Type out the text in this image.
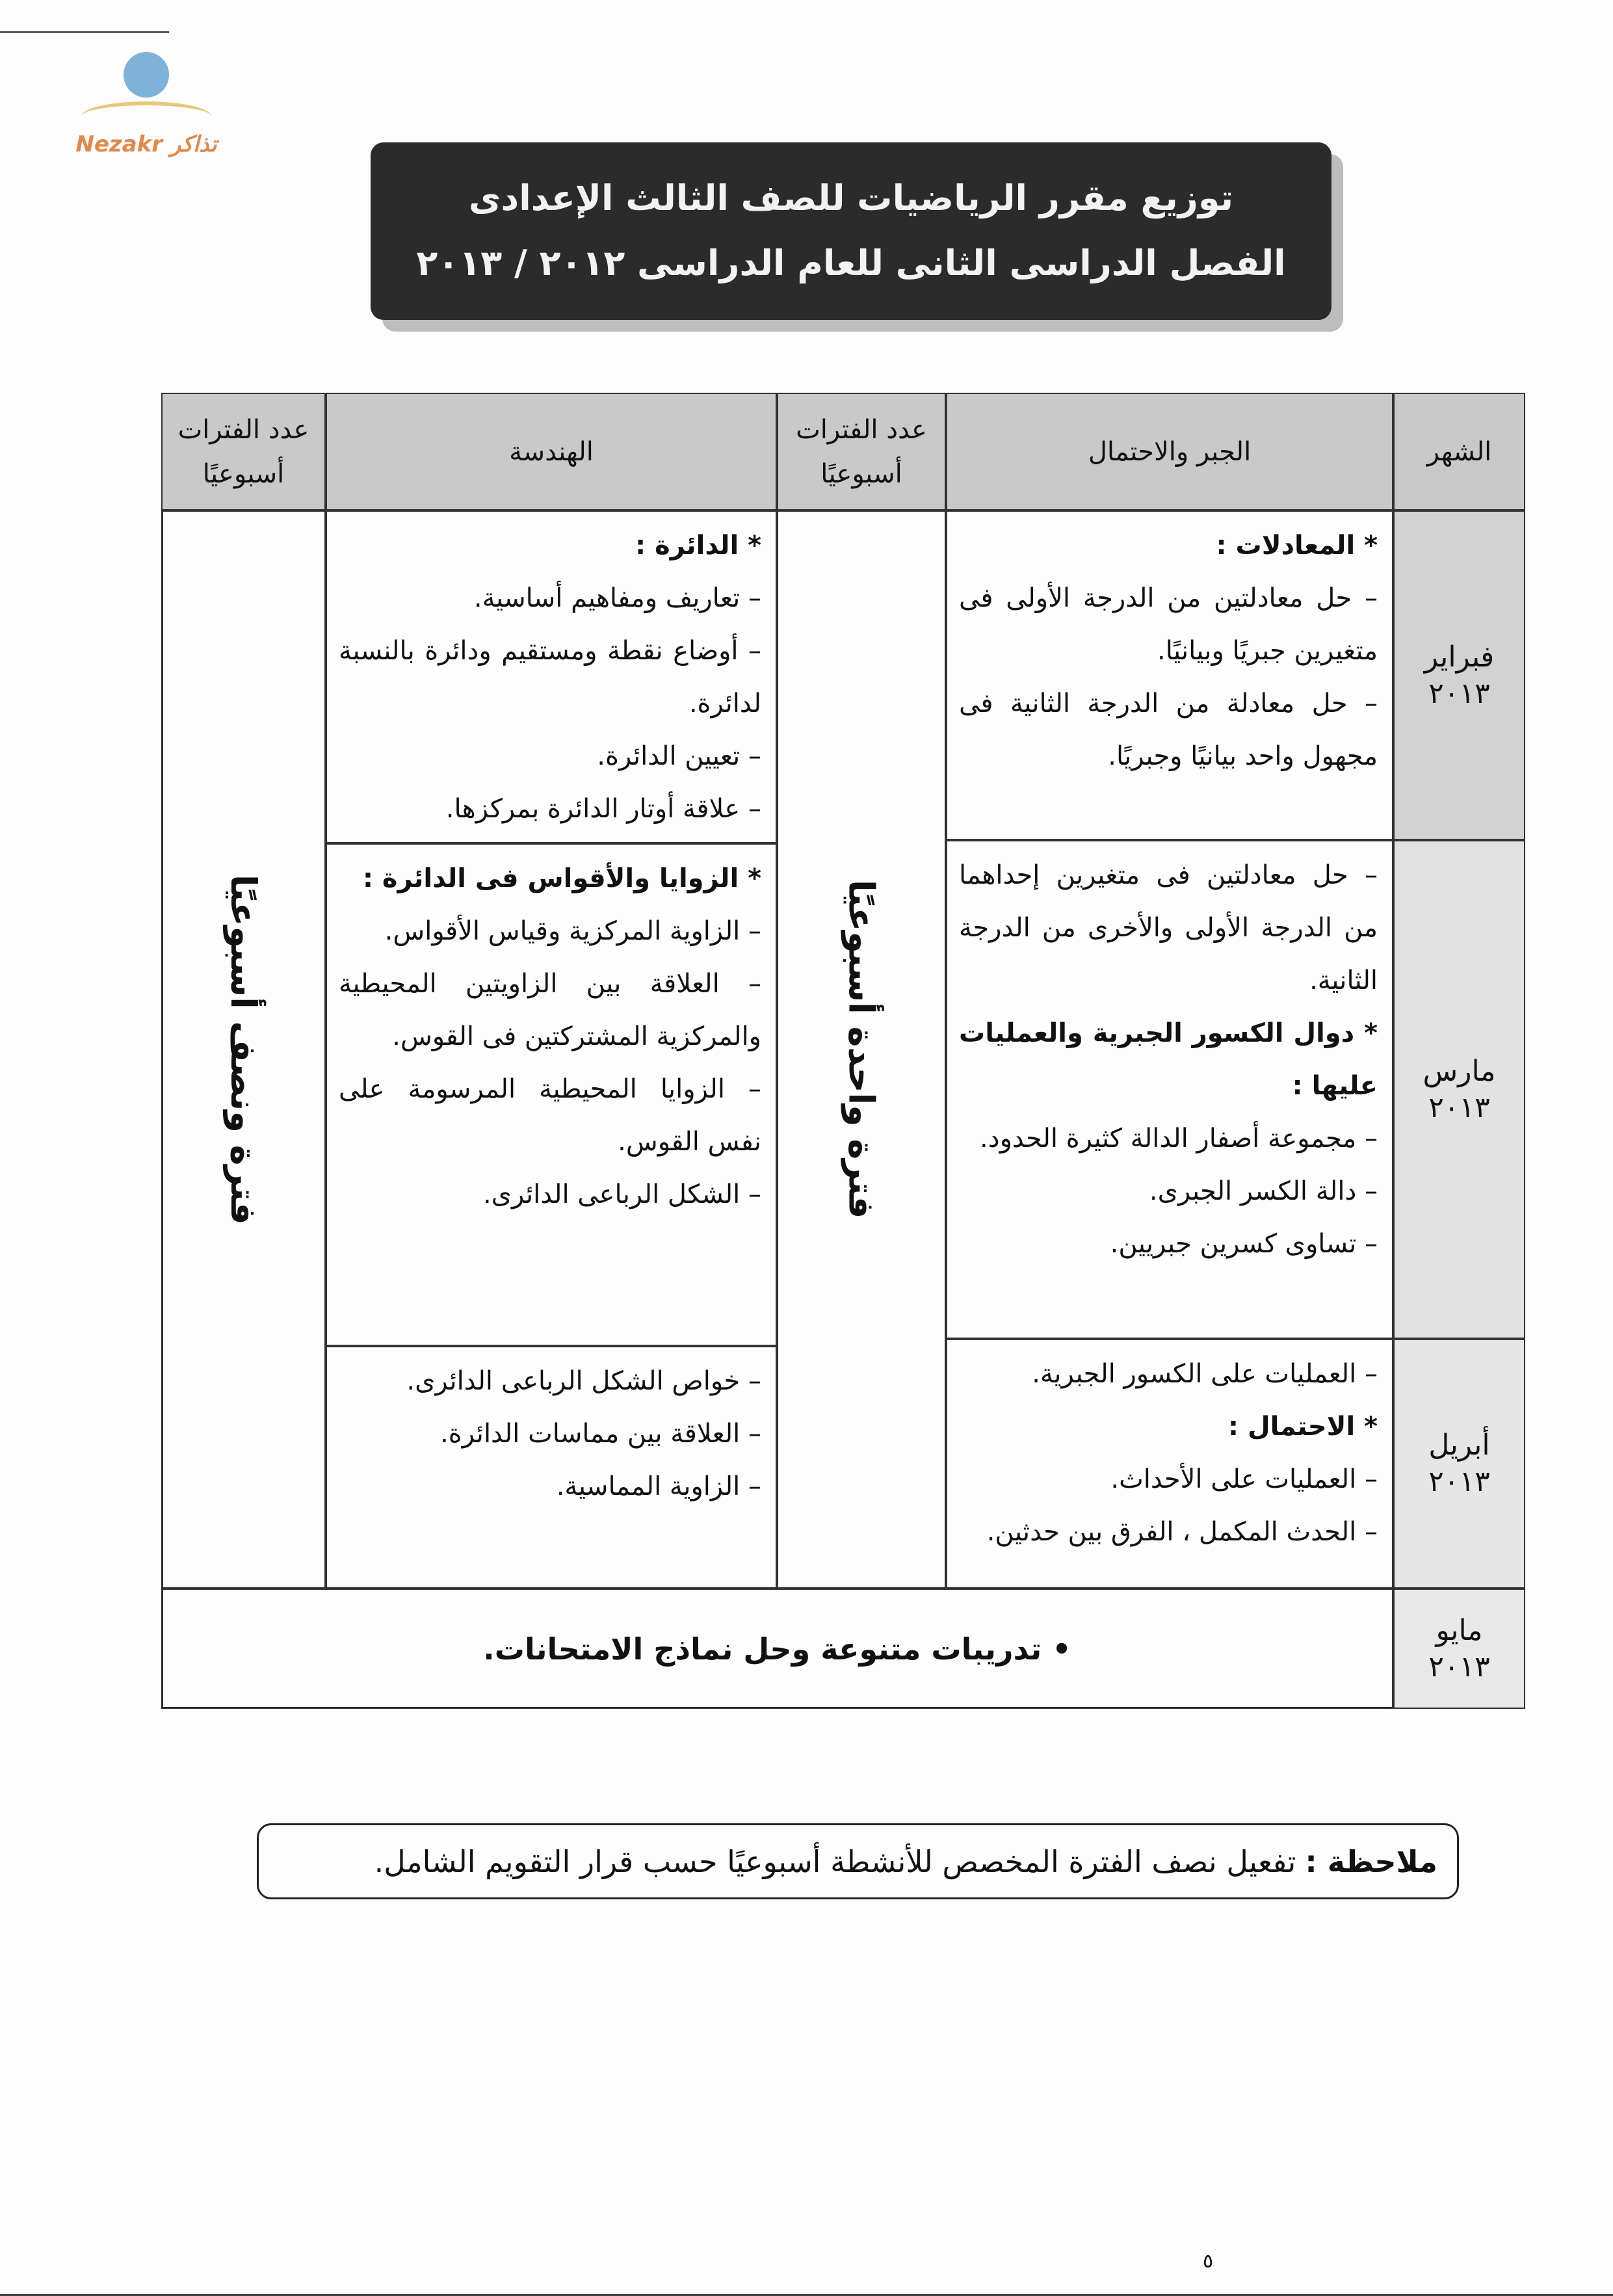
Nezakr تذاكر
توزيع مقرر الرياضيات للصف الثالث الإعدادى
الفصل الدراسى الثانى للعام الدراسى ٢٠١٢ / ٢٠١٣
الشهر
الجبر والاحتمال
عدد الفترات أسبوعيًا
الهندسة
عدد الفترات أسبوعيًا
فبراير
٢٠١٣
مارس
٢٠١٣
أبريل
٢٠١٣
مايو
٢٠١٣
* المعادلات :
– حل معادلتين من الدرجة الأولى فى متغيرين جبريًا وبيانيًا.
– حل معادلة من الدرجة الثانية فى مجهول واحد بيانيًا وجبريًا.
– حل معادلتين فى متغيرين إحداهما من الدرجة الأولى والأخرى من الدرجة الثانية.
* دوال الكسور الجبرية والعمليات عليها :
– مجموعة أصفار الدالة كثيرة الحدود.
– دالة الكسر الجبرى.
– تساوى كسرين جبريين.
– العمليات على الكسور الجبرية.
* الاحتمال :
– العمليات على الأحداث.
– الحدث المكمل ، الفرق بين حدثين.
فترة واحدة أسبوعيًا
* الدائرة :
– تعاريف ومفاهيم أساسية.
– أوضاع نقطة ومستقيم ودائرة بالنسبة لدائرة.
– تعيين الدائرة.
– علاقة أوتار الدائرة بمركزها.
* الزوايا والأقواس فى الدائرة :
– الزاوية المركزية وقياس الأقواس.
– العلاقة بين الزاويتين المحيطية والمركزية المشتركتين فى القوس.
– الزوايا المحيطية المرسومة على نفس القوس.
– الشكل الرباعى الدائرى.
– خواص الشكل الرباعى الدائرى.
– العلاقة بين مماسات الدائرة.
– الزاوية المماسية.
فترة ونصف أسبوعيًا
• تدريبات متنوعة وحل نماذج الامتحانات.
ملاحظة :
تفعيل نصف الفترة المخصص للأنشطة أسبوعيًا حسب قرار التقويم الشامل.
٥
